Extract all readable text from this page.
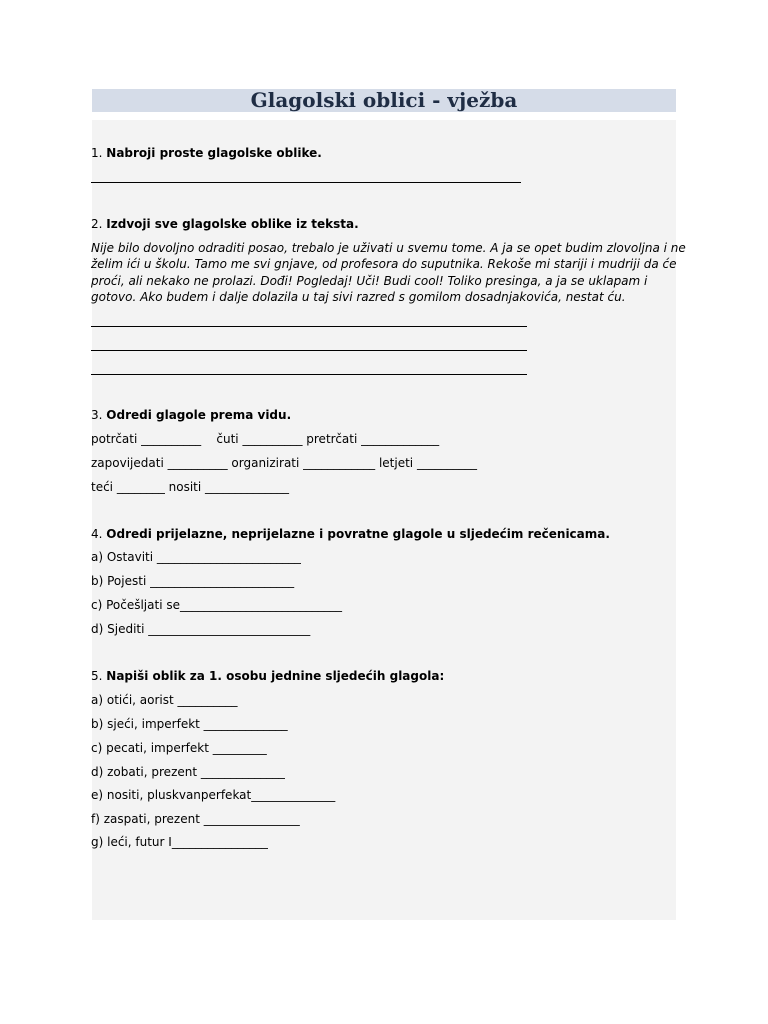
Glagolski oblici - vježba
1. Nabroji proste glagolske oblike.
2. Izdvoji sve glagolske oblike iz teksta.
Nije bilo dovoljno odraditi posao, trebalo je uživati u svemu tome. A ja se opet budim zlovoljna i ne
želim ići u školu. Tamo me svi gnjave, od profesora do suputnika. Rekoše mi stariji i mudriji da će
proći, ali nekako ne prolazi. Dođi! Pogledaj! Uči! Budi cool! Toliko presinga, a ja se uklapam i
gotovo. Ako budem i dalje dolazila u taj sivi razred s gomilom dosadnjakovića, nestat ću.
3. Odredi glagole prema vidu.
potrčati __________    čuti __________ pretrčati _____________
zapovijedati __________ organizirati ____________ letjeti __________
teći ________ nositi ______________
4. Odredi prijelazne, neprijelazne i povratne glagole u sljedećim rečenicama.
a) Ostaviti ________________________
b) Pojesti ________________________
c) Počešljati se___________________________
d) Sjediti ___________________________
5. Napiši oblik za 1. osobu jednine sljedećih glagola:
a) otići, aorist __________
b) sjeći, imperfekt ______________
c) pecati, imperfekt _________
d) zobati, prezent ______________
e) nositi, pluskvanperfekat______________
f) zaspati, prezent ________________
g) leći, futur I________________
